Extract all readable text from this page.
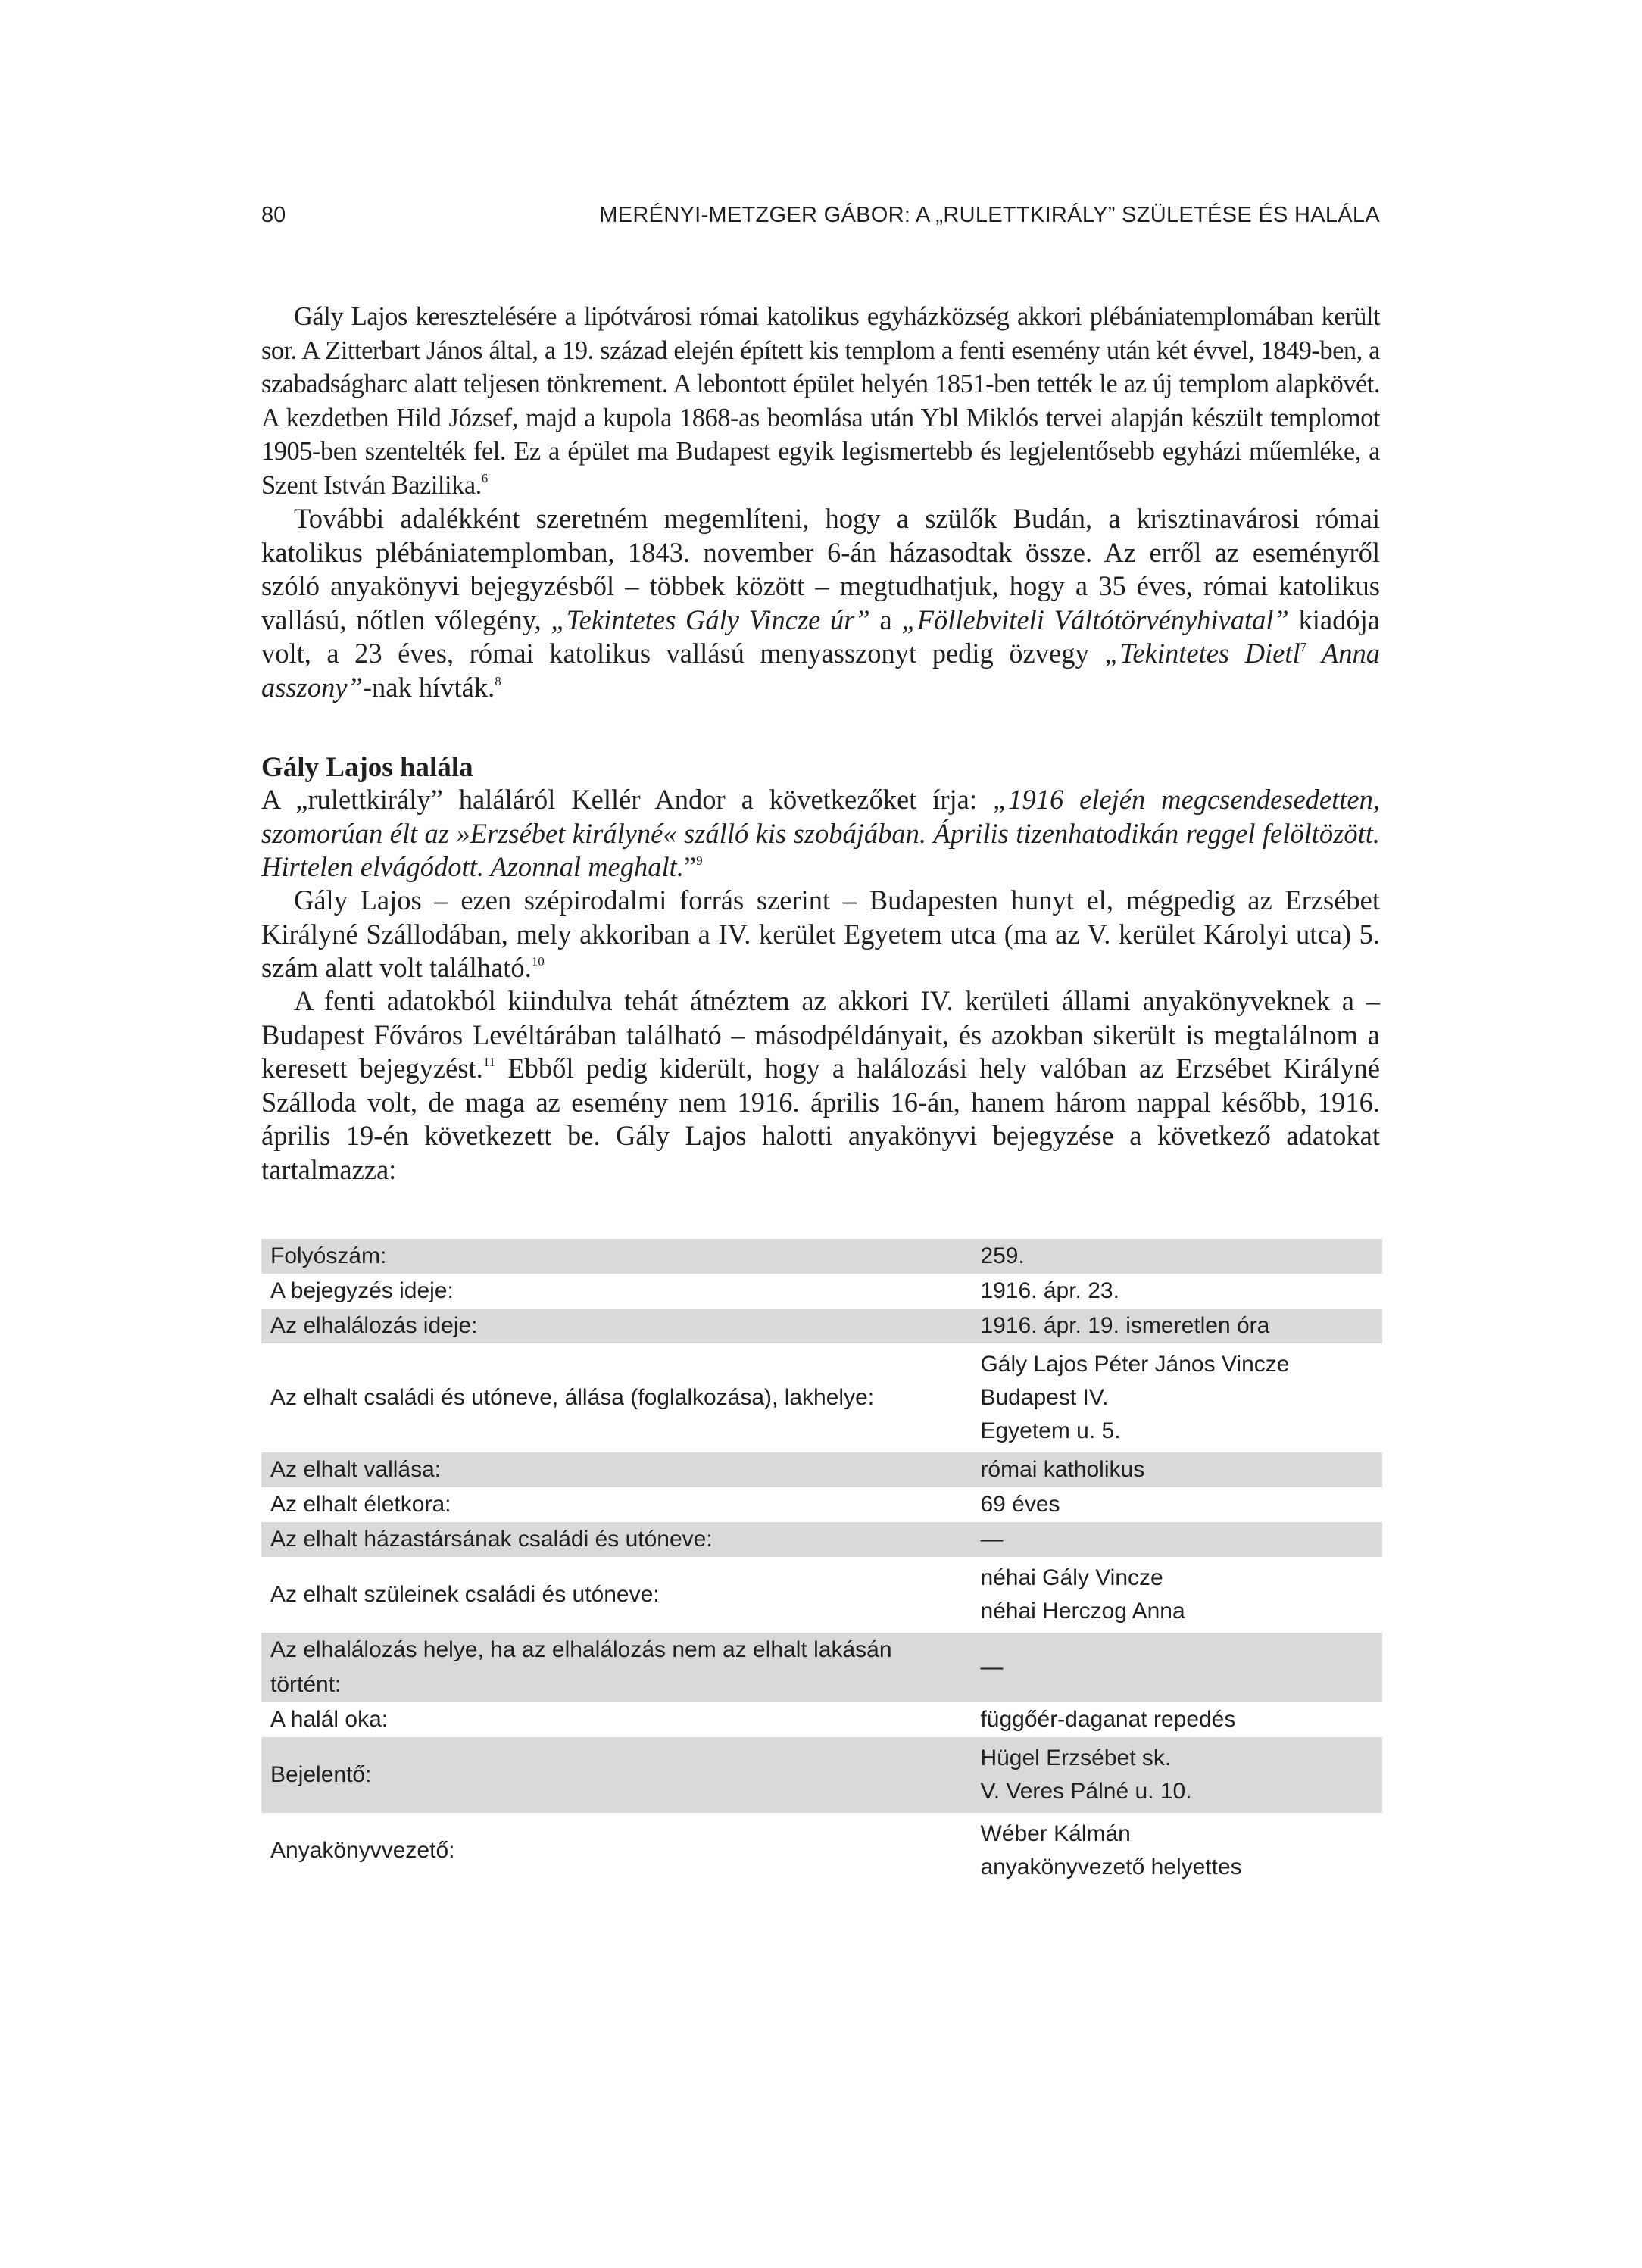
80	MERÉNYI-METZGER GÁBOR: A „RULETTKIRÁLY” SZÜLETÉSE ÉS HALÁLA

Gály Lajos keresztelésére a lipótvárosi római katolikus egyházközség akkori plébániatemplomában került sor. A Zitterbart János által, a 19. század elején épített kis templom a fenti esemény után két évvel, 1849-ben, a szabadságharc alatt teljesen tönkrement. A lebontott épület helyén 1851-ben tették le az új templom alapkövét. A kezdetben Hild József, majd a kupola 1868-as beomlása után Ybl Miklós tervei alapján készült templomot 1905-ben szentelték fel. Ez a épület ma Budapest egyik legismertebb és legjelentősebb egyházi műemléke, a Szent István Bazilika.$^6$

További adalékként szeretném megemlíteni, hogy a szülők Budán, a krisztinavárosi római katolikus plébániatemplomban, 1843. november 6-án házasodtak össze. Az erről az eseményről szóló anyakönyvi bejegyzésből – többek között – megtudhatjuk, hogy a 35 éves, római katolikus vallású, nőtlen vőlegény, „Tekintetes Gály Vincze úr” a „Föllebviteli Váltótörvényhivatal” kiadója volt, a 23 éves, római katolikus vallású menyasszonyt pedig özvegy „Tekintetes Dietl$^7$ Anna asszony”-nak hívták.$^8$

Gály Lajos halála

A „rulettkirály” haláláról Kellér Andor a következőket írja: „1916 elején megcsendesedetten, szomorúan élt az »Erzsébet királyné« szálló kis szobájában. Április tizenhatodikán reggel felöltözött. Hirtelen elvágódott. Azonnal meghalt.”$^9$

Gály Lajos – ezen szépirodalmi forrás szerint – Budapesten hunyt el, mégpedig az Erzsébet Királyné Szállodában, mely akkoriban a IV. kerület Egyetem utca (ma az V. kerület Károlyi utca) 5. szám alatt volt található.$^{10}$

A fenti adatokból kiindulva tehát átnéztem az akkori IV. kerületi állami anyakönyveknek a – Budapest Főváros Levéltárában található – másodpéldányait, és azokban sikerült is megtalálnom a keresett bejegyzést.$^{11}$ Ebből pedig kiderült, hogy a halálozási hely valóban az Erzsébet Királyné Szálloda volt, de maga az esemény nem 1916. április 16-án, hanem három nappal később, 1916. április 19-én következett be. Gály Lajos halotti anyakönyvi bejegyzése a következő adatokat tartalmazza:

Folyószám:	259.

A bejegyzés ideje:	1916. ápr. 23.

Az elhalálozás ideje:	1916. ápr. 19. ismeretlen óra

Az elhalt családi és utóneve, állása (foglalkozása), lakhelye:	Gály Lajos Péter János Vincze
Budapest IV.
Egyetem u. 5.

Az elhalt vallása:	római katholikus

Az elhalt életkora:	69 éves

Az elhalt házastársának családi és utóneve:	—

Az elhalt szüleinek családi és utóneve:	néhai Gály Vincze
néhai Herczog Anna

Az elhalálozás helye, ha az elhalálozás nem az elhalt lakásán történt:	—

A halál oka:	függőér-daganat repedés

Bejelentő:	Hügel Erzsébet sk.
V. Veres Pálné u. 10.

Anyakönyvvezető:	Wéber Kálmán
anyakönyvezető helyettes
